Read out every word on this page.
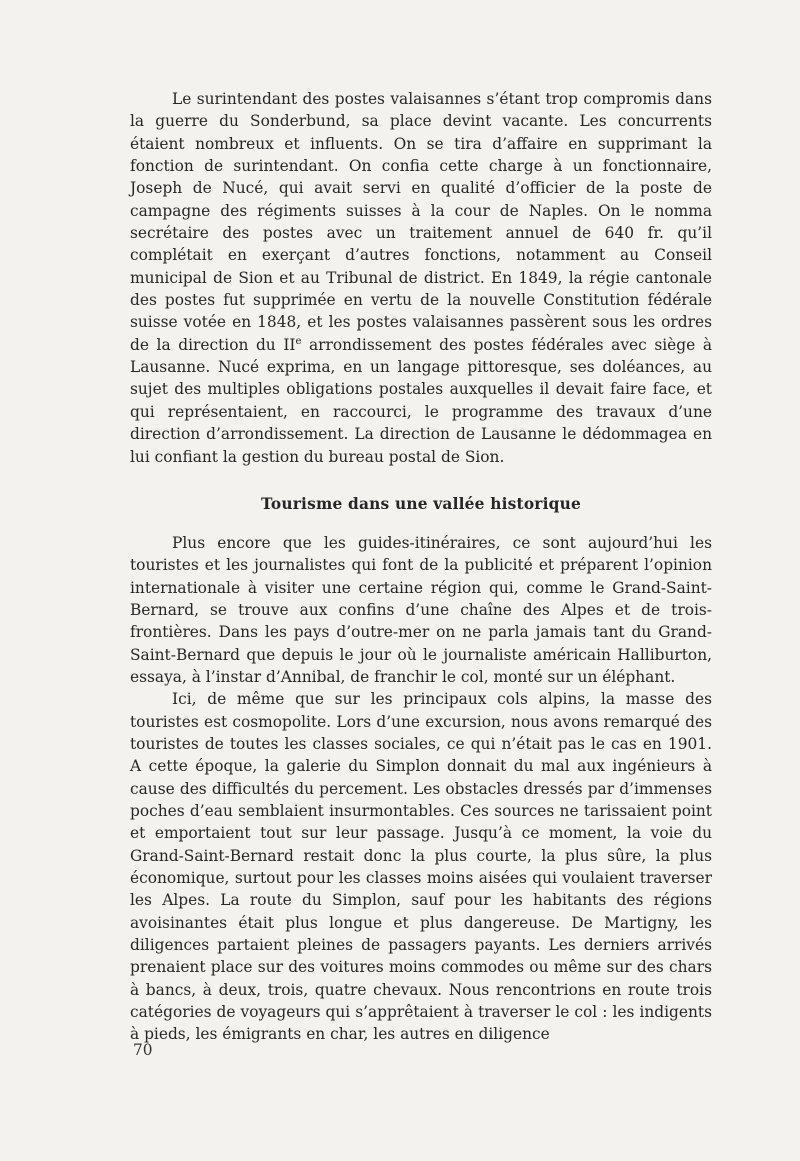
Le surintendant des postes valaisannes s’étant trop compromis dans la guerre du Sonderbund, sa place devint vacante. Les concurrents étaient nombreux et influents. On se tira d’affaire en supprimant la fonction de surintendant. On confia cette charge à un fonctionnaire, Joseph de Nucé, qui avait servi en qualité d’officier de la poste de campagne des régiments suisses à la cour de Naples. On le nomma secrétaire des postes avec un traitement annuel de 640 fr. qu’il complétait en exerçant d’autres fonctions, notamment au Conseil municipal de Sion et au Tribunal de district. En 1849, la régie cantonale des postes fut supprimée en vertu de la nouvelle Constitution fédérale suisse votée en 1848, et les postes valaisannes passèrent sous les ordres de la direction du IIe arrondissement des postes fédérales avec siège à Lausanne. Nucé exprima, en un langage pittoresque, ses doléances, au sujet des multiples obligations postales auxquelles il devait faire face, et qui représentaient, en raccourci, le programme des travaux d’une direction d’arrondissement. La direction de Lausanne le dédommagea en lui confiant la gestion du bureau postal de Sion.

Tourisme dans une vallée historique

Plus encore que les guides-itinéraires, ce sont aujourd’hui les touristes et les journalistes qui font de la publicité et préparent l’opinion internationale à visiter une certaine région qui, comme le Grand-Saint-Bernard, se trouve aux confins d’une chaîne des Alpes et de trois-frontières. Dans les pays d’outre-mer on ne parla jamais tant du Grand-Saint-Bernard que depuis le jour où le journaliste américain Halliburton, essaya, à l’instar d’Annibal, de franchir le col, monté sur un éléphant.

Ici, de même que sur les principaux cols alpins, la masse des touristes est cosmopolite. Lors d’une excursion, nous avons remarqué des touristes de toutes les classes sociales, ce qui n’était pas le cas en 1901. A cette époque, la galerie du Simplon donnait du mal aux ingénieurs à cause des difficultés du percement. Les obstacles dressés par d’immenses poches d’eau semblaient insurmontables. Ces sources ne tarissaient point et emportaient tout sur leur passage. Jusqu’à ce moment, la voie du Grand-Saint-Bernard restait donc la plus courte, la plus sûre, la plus économique, surtout pour les classes moins aisées qui voulaient traverser les Alpes. La route du Simplon, sauf pour les habitants des régions avoisinantes était plus longue et plus dangereuse. De Martigny, les diligences partaient pleines de passagers payants. Les derniers arrivés prenaient place sur des voitures moins commodes ou même sur des chars à bancs, à deux, trois, quatre chevaux. Nous rencontrions en route trois catégories de voyageurs qui s’apprêtaient à traverser le col : les indigents à pieds, les émigrants en char, les autres en diligence

70
